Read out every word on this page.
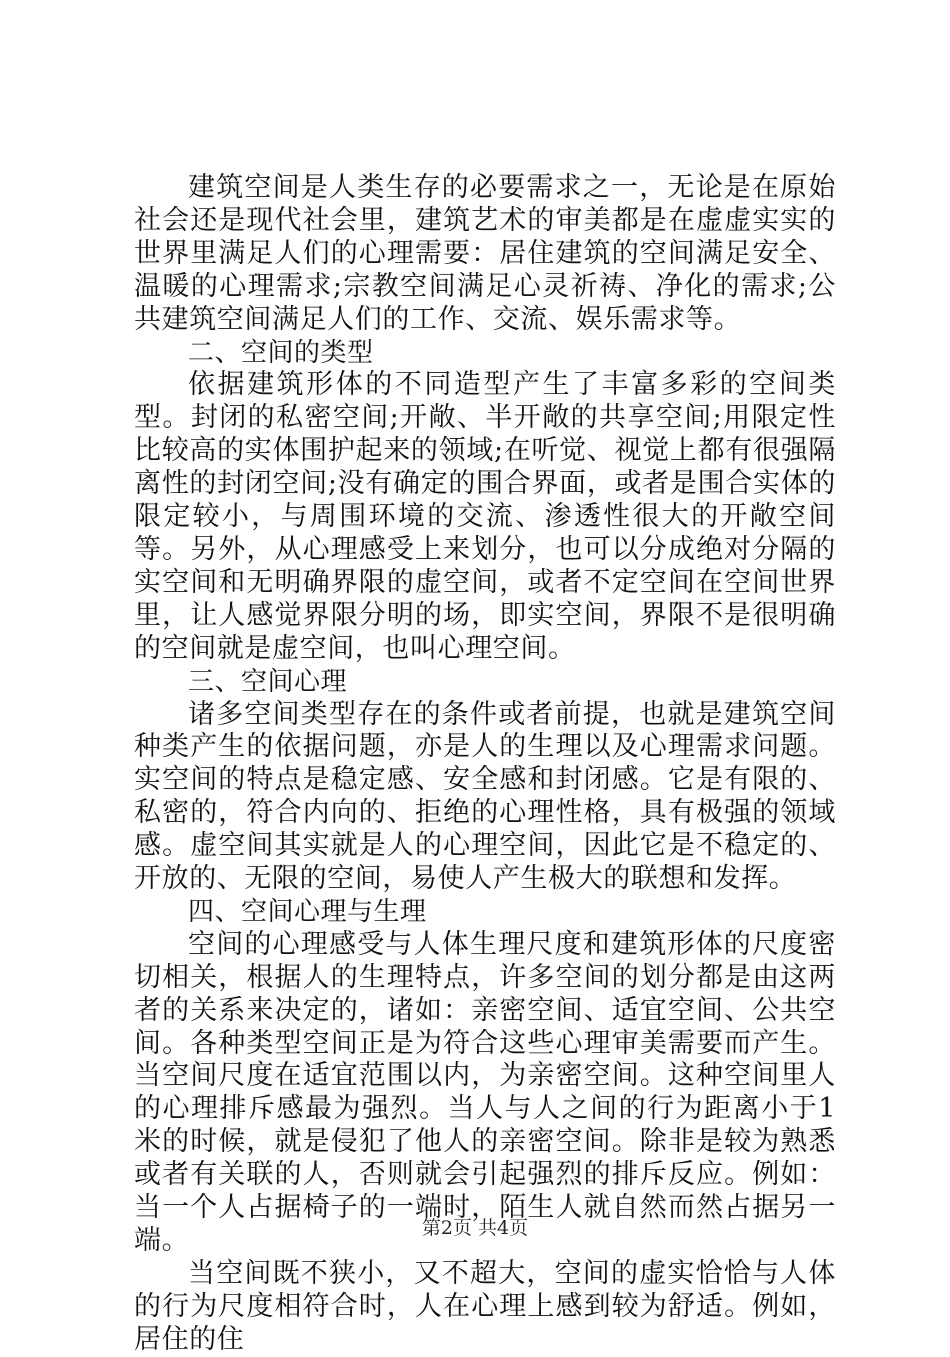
建筑空间是人类生存的必要需求之一，无论是在原始社会还是现代社会里，建筑艺术的审美都是在虚虚实实的世界里满足人们的心理需要：居住建筑的空间满足安全、温暖的心理需求;宗教空间满足心灵祈祷、净化的需求;公共建筑空间满足人们的工作、交流、娱乐需求等。

二、空间的类型

依据建筑形体的不同造型产生了丰富多彩的空间类型。封闭的私密空间;开敞、半开敞的共享空间;用限定性比较高的实体围护起来的领域;在听觉、视觉上都有很强隔离性的封闭空间;没有确定的围合界面，或者是围合实体的限定较小，与周围环境的交流、渗透性很大的开敞空间等。另外，从心理感受上来划分，也可以分成绝对分隔的实空间和无明确界限的虚空间，或者不定空间在空间世界里，让人感觉界限分明的场，即实空间，界限不是很明确的空间就是虚空间，也叫心理空间。

三、空间心理

诸多空间类型存在的条件或者前提，也就是建筑空间种类产生的依据问题，亦是人的生理以及心理需求问题。实空间的特点是稳定感、安全感和封闭感。它是有限的、私密的，符合内向的、拒绝的心理性格，具有极强的领域感。虚空间其实就是人的心理空间，因此它是不稳定的、开放的、无限的空间，易使人产生极大的联想和发挥。

四、空间心理与生理

空间的心理感受与人体生理尺度和建筑形体的尺度密切相关，根据人的生理特点，许多空间的划分都是由这两者的关系来决定的，诸如：亲密空间、适宜空间、公共空间。各种类型空间正是为符合这些心理审美需要而产生。当空间尺度在适宜范围以内，为亲密空间。这种空间里人的心理排斥感最为强烈。当人与人之间的行为距离小于1米的时候，就是侵犯了他人的亲密空间。除非是较为熟悉或者有关联的人，否则就会引起强烈的排斥反应。例如：当一个人占据椅子的一端时，陌生人就自然而然占据另一端。

当空间既不狭小，又不超大，空间的虚实恰恰与人体的行为尺度相符合时，人在心理上感到较为舒适。例如，居住的住

第2页 共4页
